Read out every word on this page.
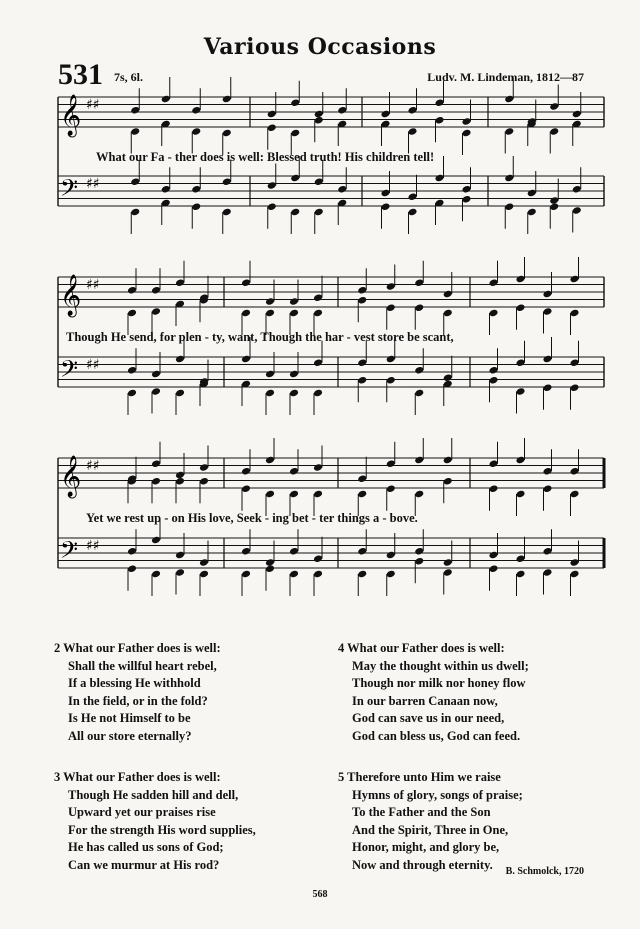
Various Occasions
531 7s, 6l.	Ludv. M. Lindeman, 1812—87
𝄞 ♯♯
𝄢 ♯♯
𝄞 ♯♯
𝄢 ♯♯
𝄞 ♯♯
𝄢 ♯♯
What our Fa - ther does is well: Blessed truth! His children tell!
Though He send, for plen - ty, want, Though the har - vest store be scant,
Yet we rest up - on His love, Seek - ing bet - ter things a - bove.
2 What our Father does is well:
Shall the willful heart rebel,
If a blessing He withhold
In the field, or in the fold?
Is He not Himself to be
All our store eternally?
3 What our Father does is well:
Though He sadden hill and dell,
Upward yet our praises rise
For the strength His word supplies,
He has called us sons of God;
Can we murmur at His rod?
4 What our Father does is well:
May the thought within us dwell;
Though nor milk nor honey flow
In our barren Canaan now,
God can save us in our need,
God can bless us, God can feed.
5 Therefore unto Him we raise
Hymns of glory, songs of praise;
To the Father and the Son
And the Spirit, Three in One,
Honor, might, and glory be,
Now and through eternity.	B. Schmolck, 1720
568
